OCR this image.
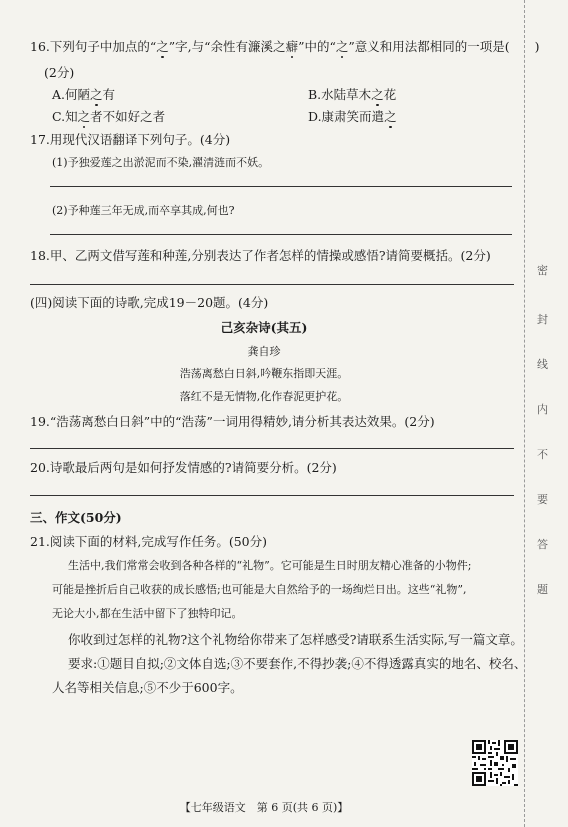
密
封
线
内
不
要
答
题
16.下列句子中加点的“之”字,与“余性有濂溪之癖”中的“之”意义和用法都相同的一项是(　　)
(2分)
A.何陋之有	B.水陆草木之花
C.知之者不如好之者	D.康肃笑而遣之
17.用现代汉语翻译下列句子。(4分)
(1)予独爱莲之出淤泥而不染,濯清涟而不妖。
(2)予种莲三年无成,而卒享其成,何也?
18.甲、乙两文借写莲和种莲,分别表达了作者怎样的情操或感悟?请简要概括。(2分)
(四)阅读下面的诗歌,完成19－20题。(4分)
己亥杂诗(其五)
龚自珍
浩荡离愁白日斜,吟鞭东指即天涯。
落红不是无情物,化作春泥更护花。
19.“浩荡离愁白日斜”中的“浩荡”一词用得精妙,请分析其表达效果。(2分)
20.诗歌最后两句是如何抒发情感的?请简要分析。(2分)
三、作文(50分)
21.阅读下面的材料,完成写作任务。(50分)
生活中,我们常常会收到各种各样的“礼物”。它可能是生日时朋友精心准备的小物件;
可能是挫折后自己收获的成长感悟;也可能是大自然给予的一场绚烂日出。这些“礼物”,
无论大小,都在生活中留下了独特印记。
你收到过怎样的礼物?这个礼物给你带来了怎样感受?请联系生活实际,写一篇文章。
要求:①题目自拟;②文体自选;③不要套作,不得抄袭;④不得透露真实的地名、校名、
人名等相关信息;⑤不少于600字。
【七年级语文　第 6 页(共 6 页)】
